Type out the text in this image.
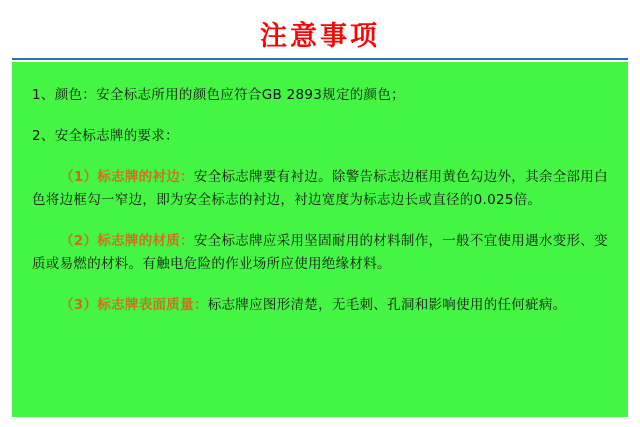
注意事项

1、颜色：安全标志所用的颜色应符合GB 2893规定的颜色；

2、安全标志牌的要求：

（1）标志牌的衬边：安全标志牌要有衬边。除警告标志边框用黄色勾边外，其余全部用白色将边框勾一窄边，即为安全标志的衬边，衬边宽度为标志边长或直径的0.025倍。

（2）标志牌的材质：安全标志牌应采用坚固耐用的材料制作，一般不宜使用遇水变形、变质或易燃的材料。有触电危险的作业场所应使用绝缘材料。

（3）标志牌表面质量：标志牌应图形清楚，无毛刺、孔洞和影响使用的任何疵病。
